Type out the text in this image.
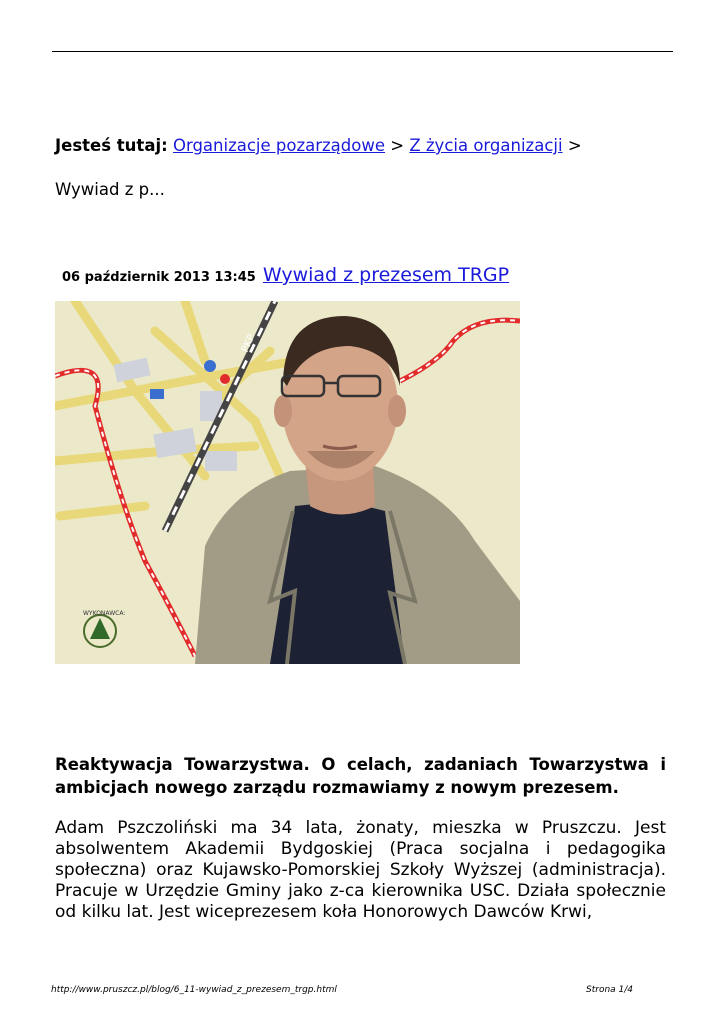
Jesteś tutaj: Organizacje pozarządowe > Z życia organizacji >
Wywiad z p...
06 październik 2013 13:45 Wywiad z prezesem TRGP
PKP
WYKONAWCA:
Reaktywacja Towarzystwa. O celach, zadaniach Towarzystwa i ambicjach nowego zarządu rozmawiamy z nowym prezesem.
Adam Pszczoliński ma 34 lata, żonaty, mieszka w Pruszczu. Jest absolwentem Akademii Bydgoskiej (Praca socjalna i pedagogika społeczna) oraz Kujawsko-Pomorskiej Szkoły Wyższej (administracja). Pracuje w Urzędzie Gminy jako z-ca kierownika USC. Działa społecznie od kilku lat. Jest wiceprezesem koła Honorowych Dawców Krwi,
http://www.pruszcz.pl/blog/6_11-wywiad_z_prezesem_trgp.html	Strona 1/4
